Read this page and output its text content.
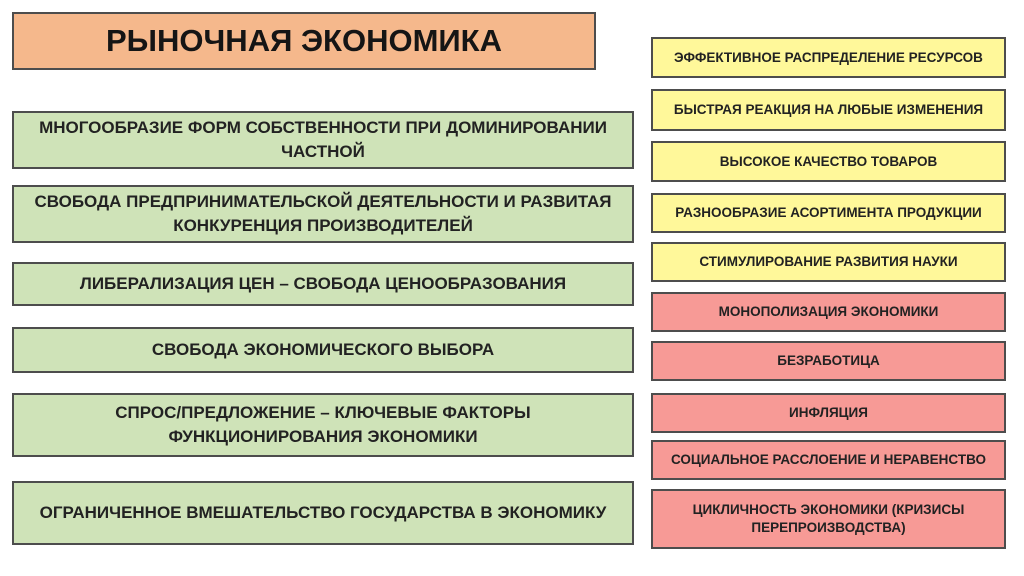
РЫНОЧНАЯ ЭКОНОМИКА
МНОГООБРАЗИЕ ФОРМ СОБСТВЕННОСТИ ПРИ ДОМИНИРОВАНИИ ЧАСТНОЙ
СВОБОДА ПРЕДПРИНИМАТЕЛЬСКОЙ ДЕЯТЕЛЬНОСТИ И РАЗВИТАЯ КОНКУРЕНЦИЯ ПРОИЗВОДИТЕЛЕЙ
ЛИБЕРАЛИЗАЦИЯ ЦЕН – СВОБОДА ЦЕНООБРАЗОВАНИЯ
СВОБОДА ЭКОНОМИЧЕСКОГО ВЫБОРА
СПРОС/ПРЕДЛОЖЕНИЕ – КЛЮЧЕВЫЕ ФАКТОРЫ ФУНКЦИОНИРОВАНИЯ ЭКОНОМИКИ
ОГРАНИЧЕННОЕ ВМЕШАТЕЛЬСТВО ГОСУДАРСТВА В ЭКОНОМИКУ
ЭФФЕКТИВНОЕ РАСПРЕДЕЛЕНИЕ РЕСУРСОВ
БЫСТРАЯ РЕАКЦИЯ НА ЛЮБЫЕ ИЗМЕНЕНИЯ
ВЫСОКОЕ КАЧЕСТВО ТОВАРОВ
РАЗНООБРАЗИЕ АСОРТИМЕНТА ПРОДУКЦИИ
СТИМУЛИРОВАНИЕ РАЗВИТИЯ НАУКИ
МОНОПОЛИЗАЦИЯ ЭКОНОМИКИ
БЕЗРАБОТИЦА
ИНФЛЯЦИЯ
СОЦИАЛЬНОЕ РАССЛОЕНИЕ И НЕРАВЕНСТВО
ЦИКЛИЧНОСТЬ ЭКОНОМИКИ (КРИЗИСЫ ПЕРЕПРОИЗВОДСТВА)
